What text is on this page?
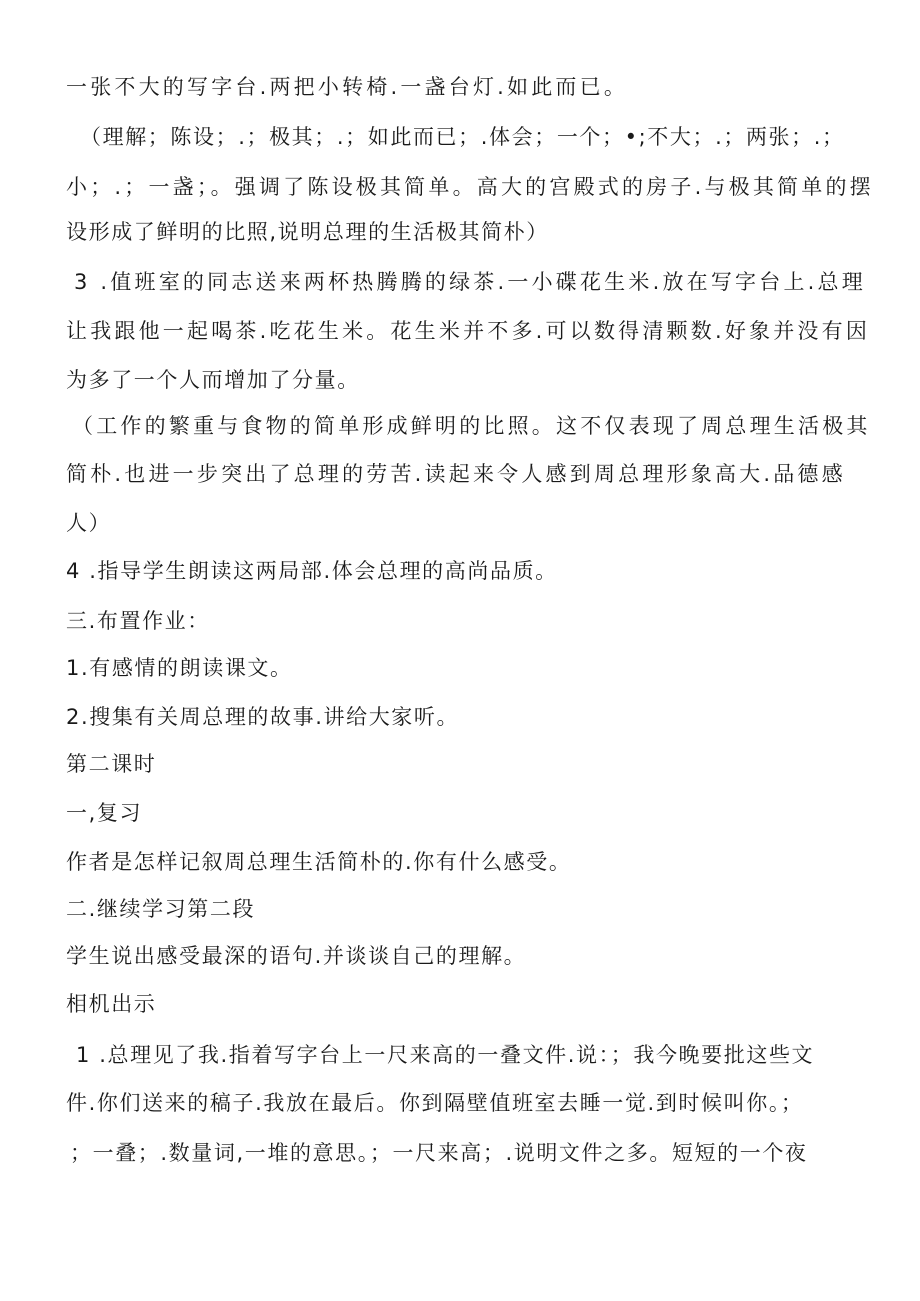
一张不大的写字台.两把小转椅.一盏台灯.如此而已。

（理解；陈设；.；极其；.；如此而已；.体会；一个；•;不大；.；两张；.；

小；.；一盏；。强调了陈设极其简单。高大的宫殿式的房子.与极其简单的摆

设形成了鲜明的比照,说明总理的生活极其简朴）

3 .值班室的同志送来两杯热腾腾的绿茶.一小碟花生米.放在写字台上.总理

让我跟他一起喝茶.吃花生米。花生米并不多.可以数得清颗数.好象并没有因

为多了一个人而增加了分量。

（工作的繁重与食物的简单形成鲜明的比照。这不仅表现了周总理生活极其

简朴.也进一步突出了总理的劳苦.读起来令人感到周总理形象高大.品德感

人）

4 .指导学生朗读这两局部.体会总理的高尚品质。

三.布置作业：

1.有感情的朗读课文。

2.搜集有关周总理的故事.讲给大家听。

第二课时

一,复习

作者是怎样记叙周总理生活简朴的.你有什么感受。

二.继续学习第二段

学生说出感受最深的语句.并谈谈自己的理解。

相机出示

1 .总理见了我.指着写字台上一尺来高的一叠文件.说：；我今晚要批这些文

件.你们送来的稿子.我放在最后。你到隔壁值班室去睡一觉.到时候叫你。；

；一叠；.数量词,一堆的意思。；一尺来高；.说明文件之多。短短的一个夜
